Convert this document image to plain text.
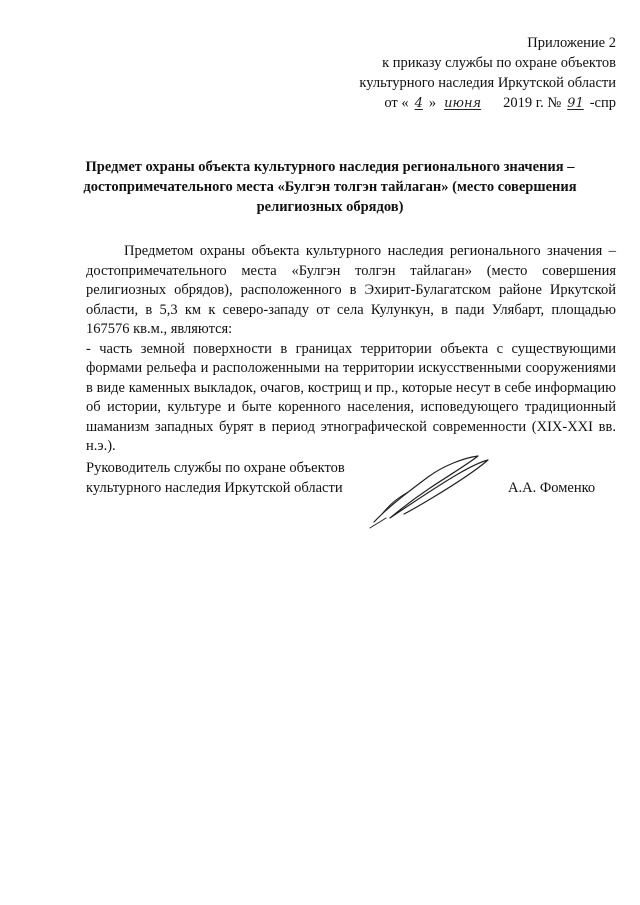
Приложение 2
к приказу службы по охране объектов
культурного наследия Иркутской области
от « 4 » июня 2019 г. № 91 -спр
Предмет охраны объекта культурного наследия регионального значения – достопримечательного места «Булгэн толгэн тайлаган» (место совершения религиозных обрядов)

Предметом охраны объекта культурного наследия регионального значения – достопримечательного места «Булгэн толгэн тайлаган» (место совершения религиозных обрядов), расположенного в Эхирит-Булагатском районе Иркутской области, в 5,3 км к северо-западу от села Кулункун, в пади Улябарт, площадью 167576 кв.м., являются:

- часть земной поверхности в границах территории объекта с существующими формами рельефа и расположенными на территории искусственными сооружениями в виде каменных выкладок, очагов, кострищ и пр., которые несут в себе информацию об истории, культуре и быте коренного населения, исповедующего традиционный шаманизм западных бурят в период этнографической современности (XIX-XXI вв. н.э.).

Руководитель службы по охране объектов
культурного наследия Иркутской области	А.А. Фоменко
